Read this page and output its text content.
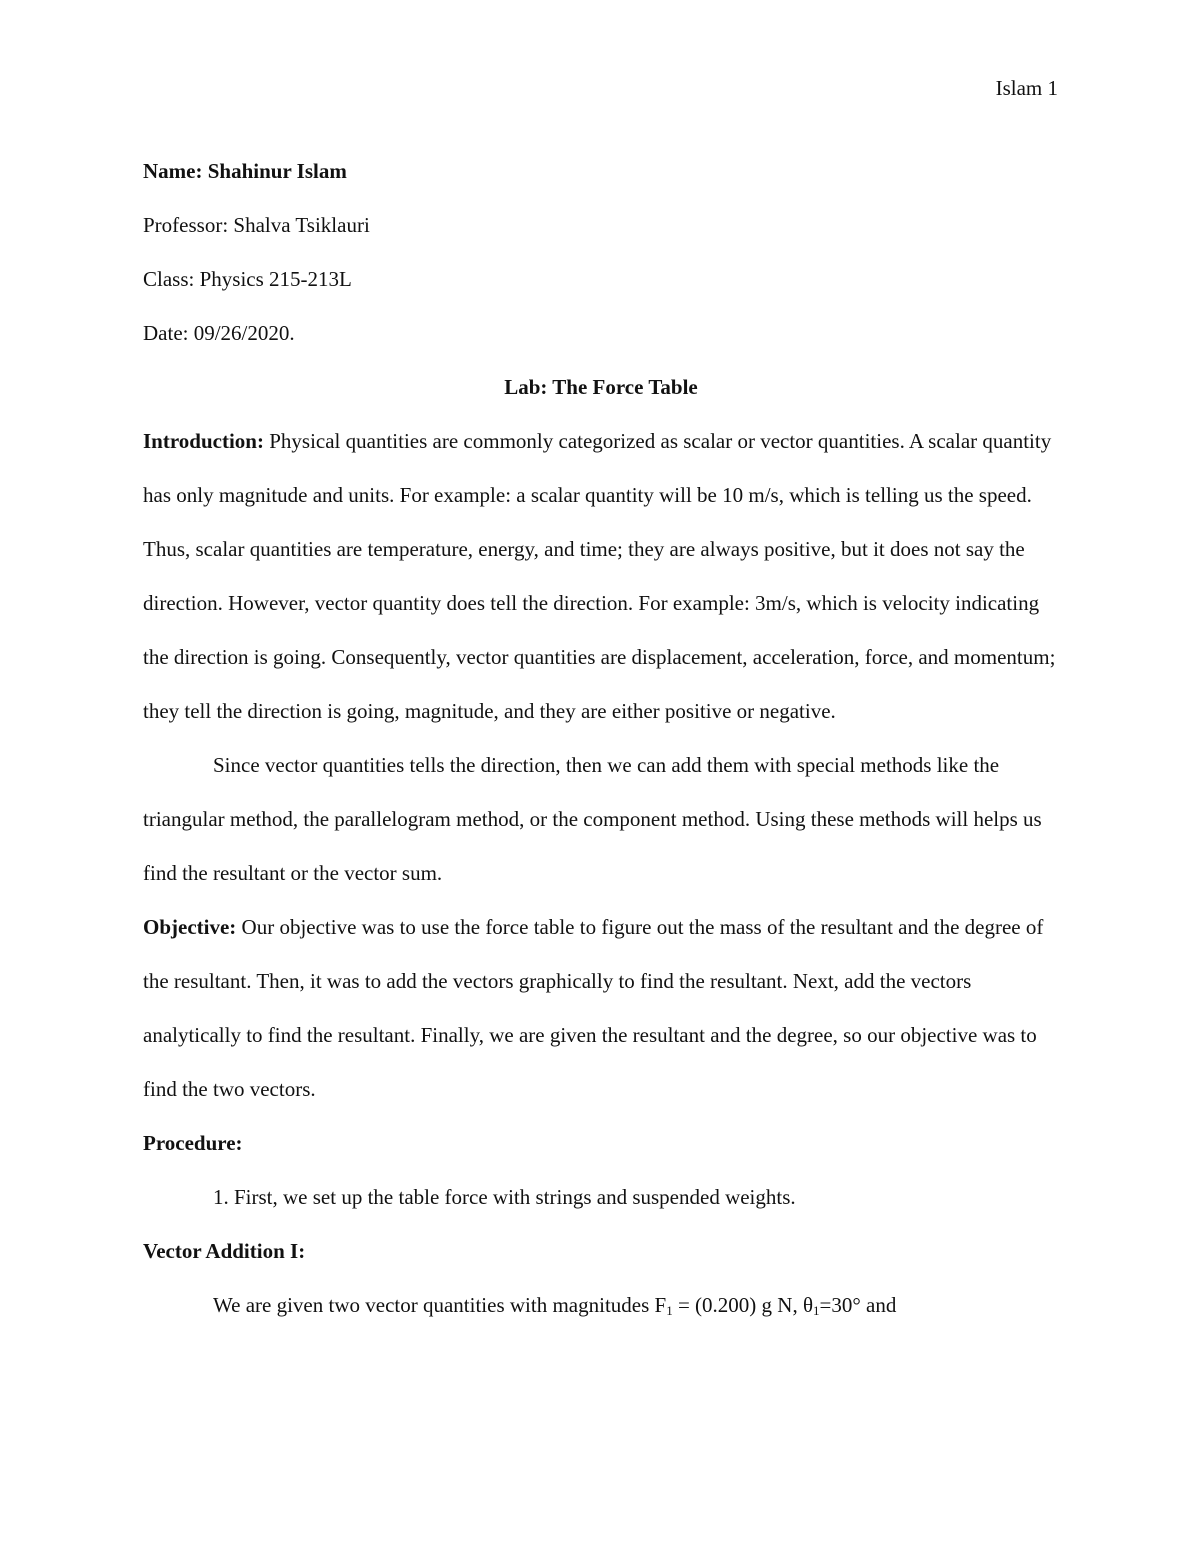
Islam 1

Name: Shahinur Islam

Professor: Shalva Tsiklauri

Class: Physics 215-213L

Date: 09/26/2020.

Lab: The Force Table

Introduction: Physical quantities are commonly categorized as scalar or vector quantities. A scalar quantity has only magnitude and units. For example: a scalar quantity will be 10 m/s, which is telling us the speed. Thus, scalar quantities are temperature, energy, and time; they are always positive, but it does not say the direction. However, vector quantity does tell the direction. For example: 3m/s, which is velocity indicating the direction is going. Consequently, vector quantities are displacement, acceleration, force, and momentum; they tell the direction is going, magnitude, and they are either positive or negative.

Since vector quantities tells the direction, then we can add them with special methods like the triangular method, the parallelogram method, or the component method. Using these methods will helps us find the resultant or the vector sum.

Objective: Our objective was to use the force table to figure out the mass of the resultant and the degree of the resultant. Then, it was to add the vectors graphically to find the resultant. Next, add the vectors analytically to find the resultant. Finally, we are given the resultant and the degree, so our objective was to find the two vectors.

Procedure:

1. First, we set up the table force with strings and suspended weights.

Vector Addition I:

We are given two vector quantities with magnitudes $F_1 = (0.200)$ g N, $\theta_1=30^\circ$ and
